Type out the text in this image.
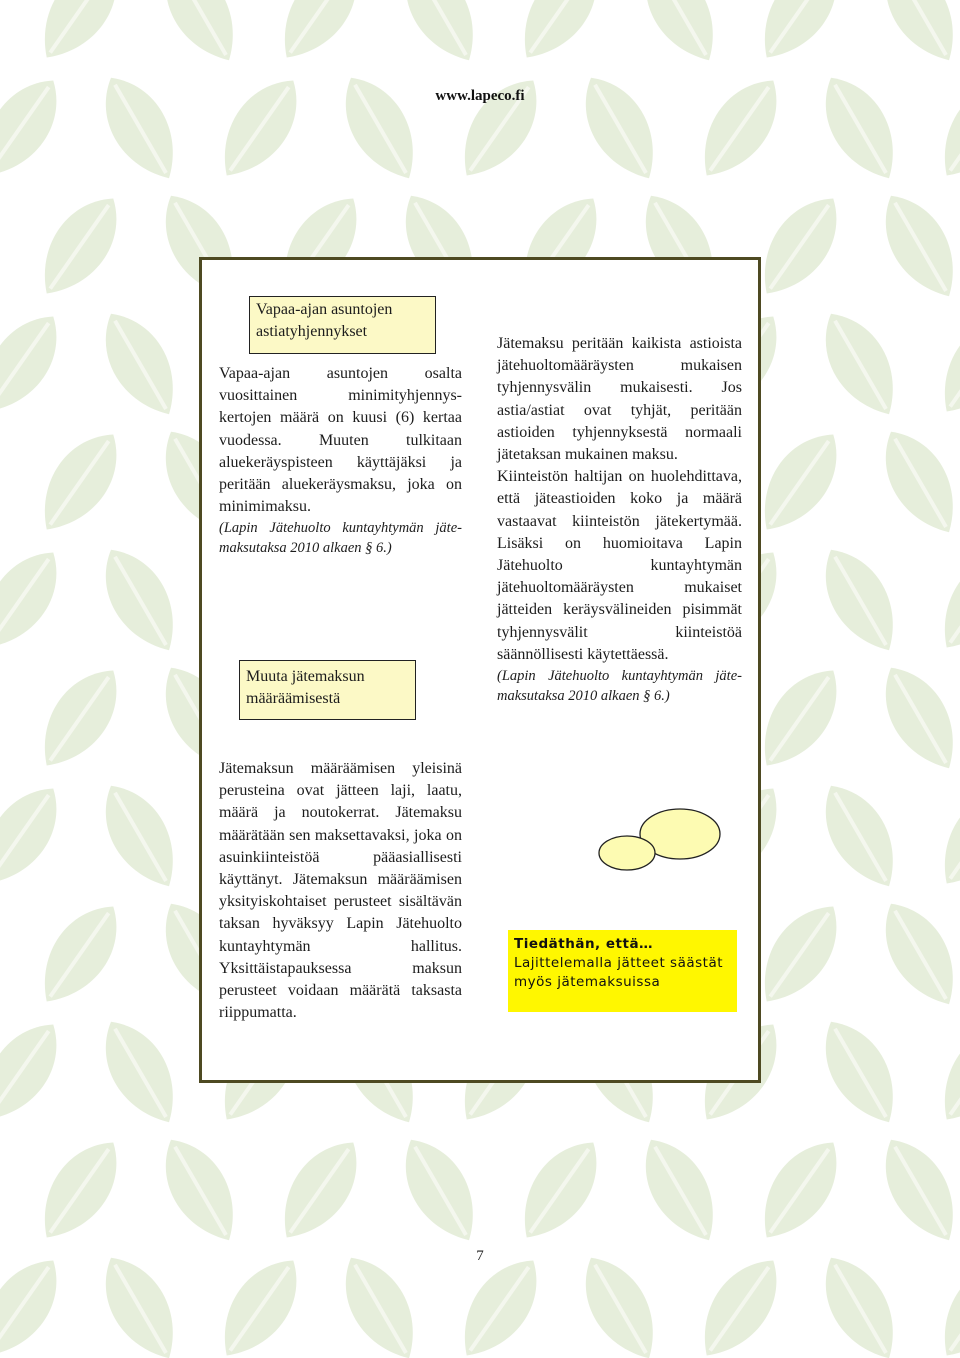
www.lapeco.fi
Vapaa-ajan asuntojen astiatyhjennykset

Vapaa-ajan asuntojen osalta vuosittainen minimityhjennyskertojen määrä on kuusi (6) kertaa vuodessa. Muuten tulkitaan aluekeräyspisteen käyttäjäksi ja peritään aluekeräysmaksu, joka on minimimaksu.

(Lapin Jätehuolto kuntayhtymän jätemaksutaksa 2010 alkaen § 6.)

Muuta jätemaksun määräämisestä

Jätemaksun määräämisen yleisinä perusteina ovat jätteen laji, laatu, määrä ja noutokerrat. Jätemaksu määrätään sen maksettavaksi, joka on asuinkiinteistöä pääasiallisesti käyttänyt. Jätemaksun määräämisen yksityiskohtaiset perusteet sisältävän taksan hyväksyy Lapin Jätehuolto kuntayhtymän hallitus. Yksittäistapauksessa maksun perusteet voidaan määrätä taksasta riippumatta.

Jätemaksu peritään kaikista astioista jätehuoltomääräysten mukaisen tyhjennysvälin mukaisesti. Jos astia/astiat ovat tyhjät, peritään astioiden tyhjennyksestä normaali jätetaksan mukainen maksu.

Kiinteistön haltijan on huolehdittava, että jäteastioiden koko ja määrä vastaavat kiinteistön jätekertymää. Lisäksi on huomioitava Lapin Jätehuolto kuntayhtymän jätehuoltomääräysten mukaiset jätteiden keräysvälineiden pisimmät tyhjennysvälit kiinteistöä säännöllisesti käytettäessä.

(Lapin Jätehuolto kuntayhtymän jätemaksutaksa 2010 alkaen § 6.)

Tiedäthän, että…
Lajittelemalla jätteet säästät myös jätemaksuissa
7
